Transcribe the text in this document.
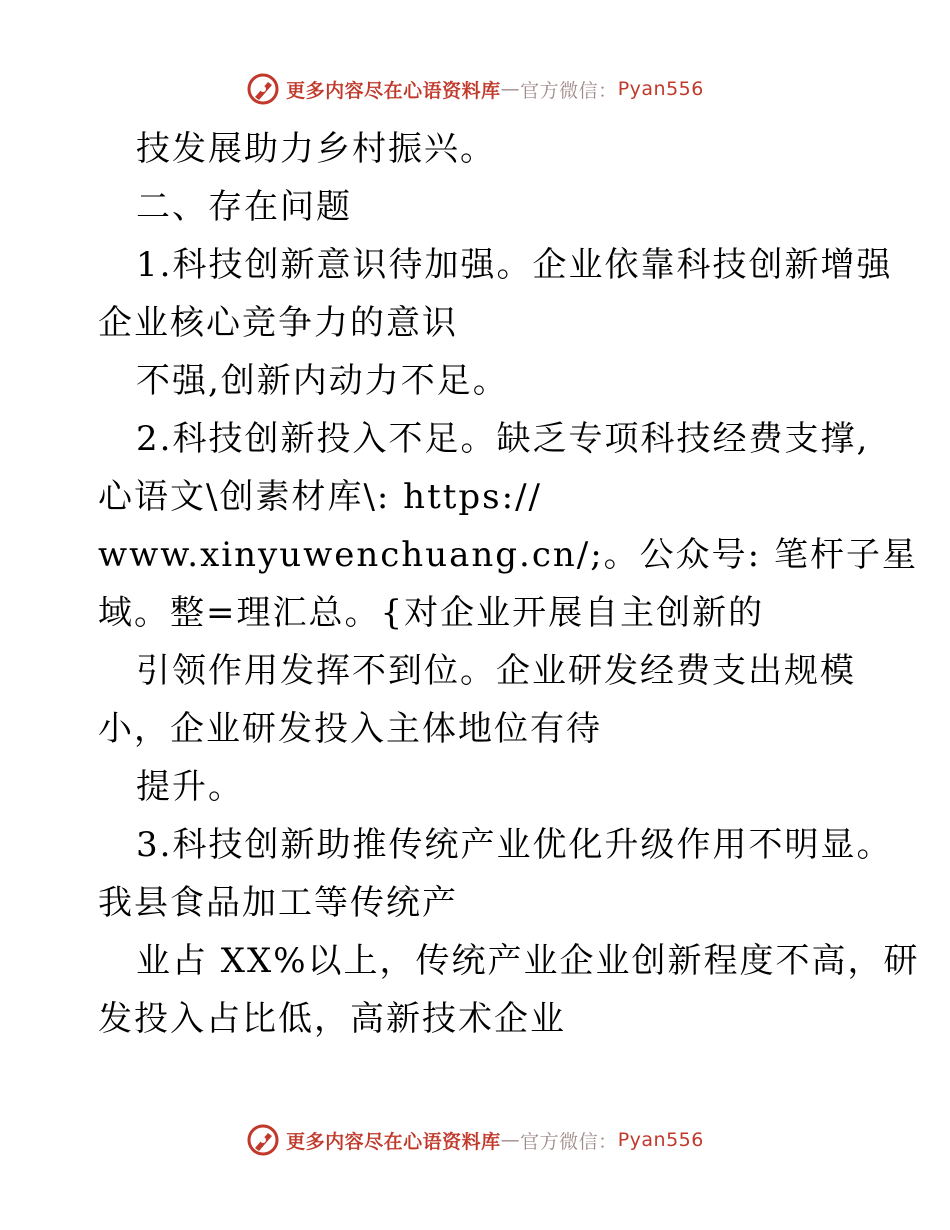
更多内容尽在心语资料库 — 官方微信： Pyan556
技发展助力乡村振兴。
二、存在问题
1.科技创新意识待加强。企业依靠科技创新增强
企业核心竞争力的意识
不强,创新内动力不足。
2.科技创新投入不足。缺乏专项科技经费支撑,
心语文\创素材库\: https://
www.xinyuwenchuang.cn/;。公众号: 笔杆子星
域。整=理汇总。{对企业开展自主创新的
引领作用发挥不到位。企业研发经费支出规模
小，企业研发投入主体地位有待
提升。
3.科技创新助推传统产业优化升级作用不明显。
我县食品加工等传统产
业占 XX%以上，传统产业企业创新程度不高，研
发投入占比低，高新技术企业
更多内容尽在心语资料库 — 官方微信： Pyan556
